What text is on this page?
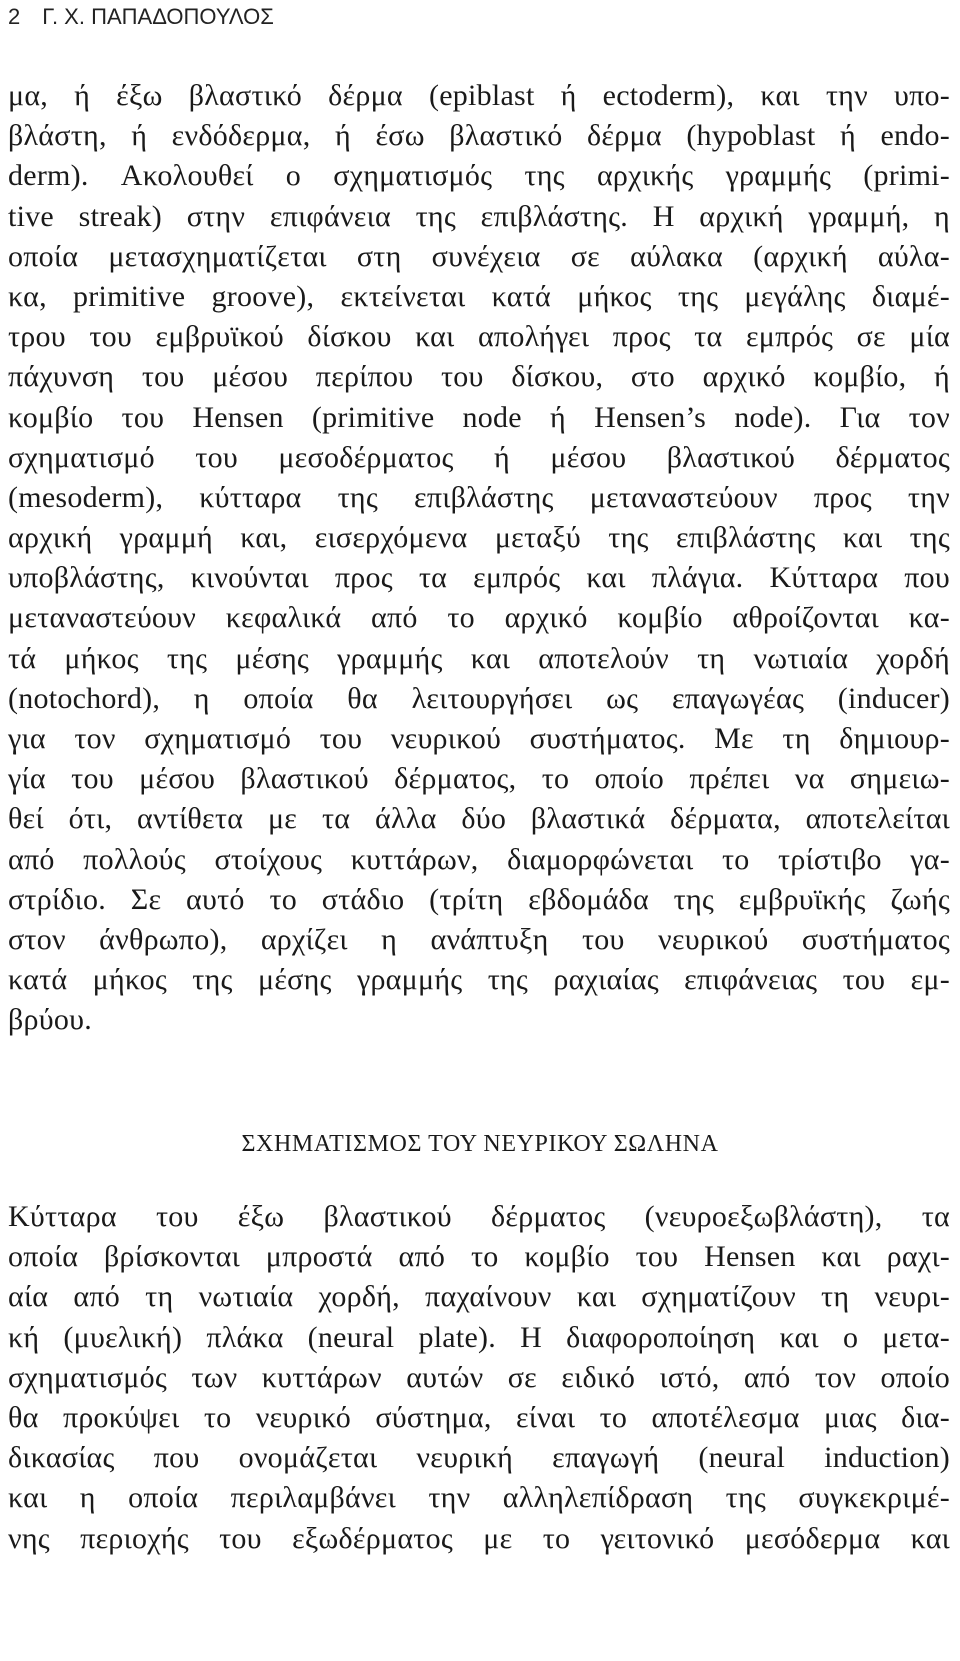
2 Γ. Χ. ΠΑΠΑΔΟΠΟΥΛΟΣ
μα, ή έξω βλαστικό δέρμα (epiblast ή ectoderm), και την υπο-
βλάστη, ή ενδόδερμα, ή έσω βλαστικό δέρμα (hypoblast ή endo-
derm). Ακολουθεί ο σχηματισμός της αρχικής γραμμής (primi-
tive streak) στην επιφάνεια της επιβλάστης. Η αρχική γραμμή, η
οποία μετασχηματίζεται στη συνέχεια σε αύλακα (αρχική αύλα-
κα, primitive groove), εκτείνεται κατά μήκος της μεγάλης διαμέ-
τρου του εμβρυϊκού δίσκου και απολήγει προς τα εμπρός σε μία
πάχυνση του μέσου περίπου του δίσκου, στο αρχικό κομβίο, ή
κομβίο του Hensen (primitive node ή Hensen’s node). Για τον
σχηματισμό του μεσοδέρματος ή μέσου βλαστικού δέρματος
(mesoderm), κύτταρα της επιβλάστης μεταναστεύουν προς την
αρχική γραμμή και, εισερχόμενα μεταξύ της επιβλάστης και της
υποβλάστης, κινούνται προς τα εμπρός και πλάγια. Κύτταρα που
μεταναστεύουν κεφαλικά από το αρχικό κομβίο αθροίζονται κα-
τά μήκος της μέσης γραμμής και αποτελούν τη νωτιαία χορδή
(notochord), η οποία θα λειτουργήσει ως επαγωγέας (inducer)
για τον σχηματισμό του νευρικού συστήματος. Με τη δημιουρ-
γία του μέσου βλαστικού δέρματος, το οποίο πρέπει να σημειω-
θεί ότι, αντίθετα με τα άλλα δύο βλαστικά δέρματα, αποτελείται
από πολλούς στοίχους κυττάρων, διαμορφώνεται το τρίστιβο γα-
στρίδιο. Σε αυτό το στάδιο (τρίτη εβδομάδα της εμβρυϊκής ζωής
στον άνθρωπο), αρχίζει η ανάπτυξη του νευρικού συστήματος
κατά μήκος της μέσης γραμμής της ραχιαίας επιφάνειας του εμ-
βρύου.
ΣΧΗΜΑΤΙΣΜΟΣ ΤΟΥ ΝΕΥΡΙΚΟΥ ΣΩΛΗΝΑ
Κύτταρα του έξω βλαστικού δέρματος (νευροεξωβλάστη), τα
οποία βρίσκονται μπροστά από το κομβίο του Hensen και ραχι-
αία από τη νωτιαία χορδή, παχαίνουν και σχηματίζουν τη νευρι-
κή (μυελική) πλάκα (neural plate). Η διαφοροποίηση και ο μετα-
σχηματισμός των κυττάρων αυτών σε ειδικό ιστό, από τον οποίο
θα προκύψει το νευρικό σύστημα, είναι το αποτέλεσμα μιας δια-
δικασίας που ονομάζεται νευρική επαγωγή (neural induction)
και η οποία περιλαμβάνει την αλληλεπίδραση της συγκεκριμέ-
νης περιοχής του εξωδέρματος με το γειτονικό μεσόδερμα και
